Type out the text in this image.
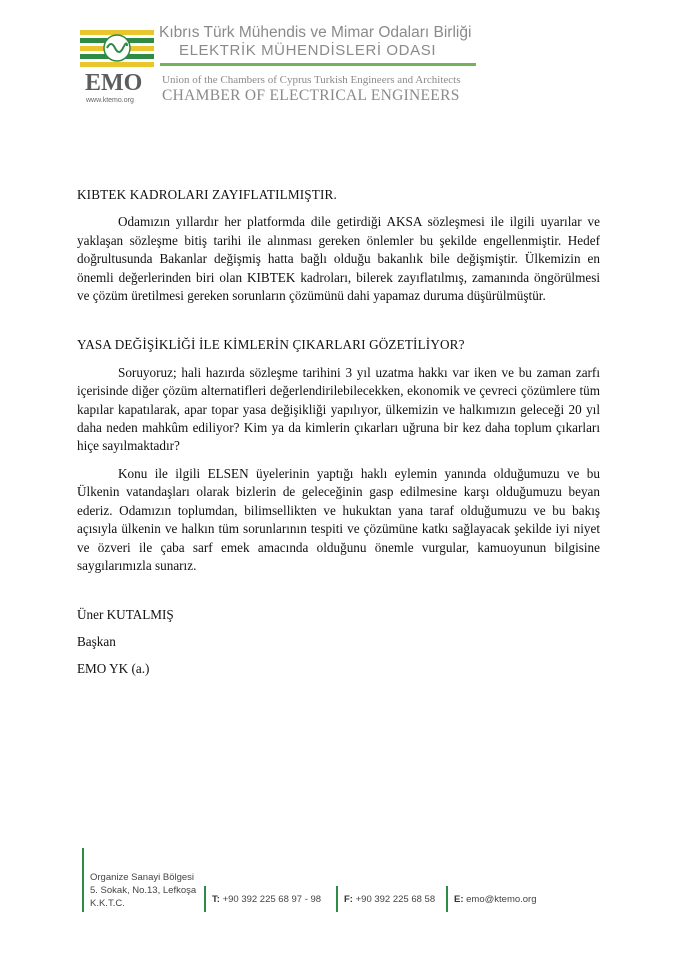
EMO
www.ktemo.org
Kıbrıs Türk Mühendis ve Mimar Odaları Birliği
ELEKTRİK MÜHENDİSLERİ ODASI
Union of the Chambers of Cyprus Turkish Engineers and Architects
CHAMBER OF ELECTRICAL ENGINEERS

KIBTEK KADROLARI ZAYIFLATILMIŞTIR.

Odamızın yıllardır her platformda dile getirdiği AKSA sözleşmesi ile ilgili uyarılar ve yaklaşan sözleşme bitiş tarihi ile alınması gereken önlemler bu şekilde engellenmiştir. Hedef doğrultusunda Bakanlar değişmiş hatta bağlı olduğu bakanlık bile değişmiştir. Ülkemizin en önemli değerlerinden biri olan KIBTEK kadroları, bilerek zayıflatılmış, zamanında öngörülmesi ve çözüm üretilmesi gereken sorunların çözümünü dahi yapamaz duruma düşürülmüştür.

YASA DEĞİŞİKLİĞİ İLE KİMLERİN ÇIKARLARI GÖZETİLİYOR?

Soruyoruz; hali hazırda sözleşme tarihini 3 yıl uzatma hakkı var iken ve bu zaman zarfı içerisinde diğer çözüm alternatifleri değerlendirilebilecekken, ekonomik ve çevreci çözümlere tüm kapılar kapatılarak, apar topar yasa değişikliği yapılıyor, ülkemizin ve halkımızın geleceği 20 yıl daha neden mahkûm ediliyor? Kim ya da kimlerin çıkarları uğruna bir kez daha toplum çıkarları hiçe sayılmaktadır?

Konu ile ilgili ELSEN üyelerinin yaptığı haklı eylemin yanında olduğumuzu ve bu Ülkenin vatandaşları olarak bizlerin de geleceğinin gasp edilmesine karşı olduğumuzu beyan ederiz. Odamızın toplumdan, bilimsellikten ve hukuktan yana taraf olduğumuzu ve bu bakış açısıyla ülkenin ve halkın tüm sorunlarının tespiti ve çözümüne katkı sağlayacak şekilde iyi niyet ve özveri ile çaba sarf emek amacında olduğunu önemle vurgular, kamuoyunun bilgisine saygılarımızla sunarız.

Üner KUTALMIŞ

Başkan

EMO YK (a.)

Organize Sanayi Bölgesi
5. Sokak, No.13, Lefkoşa
K.K.T.C.	T: +90 392 225 68 97 - 98 F: +90 392 225 68 58 E: emo@ktemo.org
